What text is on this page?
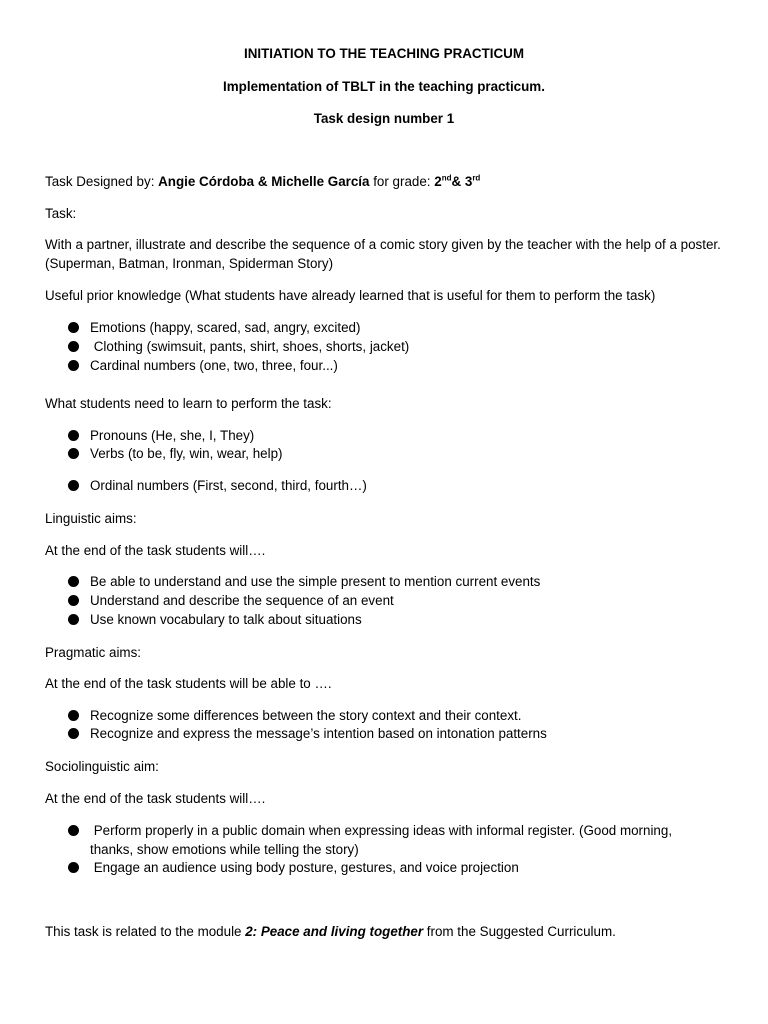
INITIATION TO THE TEACHING PRACTICUM
Implementation of TBLT in the teaching practicum.
Task design number 1
Task Designed by: Angie Córdoba & Michelle García for grade: 2nd& 3rd
Task:
With a partner, illustrate and describe the sequence of a comic story given by the teacher with the help of a poster. (Superman, Batman, Ironman, Spiderman Story)
Useful prior knowledge (What students have already learned that is useful for them to perform the task)
Emotions (happy, scared, sad, angry, excited)
Clothing (swimsuit, pants, shirt, shoes, shorts, jacket)
Cardinal numbers (one, two, three, four...)
What students need to learn to perform the task:
Pronouns (He, she, I, They)
Verbs (to be, fly, win, wear, help)
Ordinal numbers (First, second, third, fourth…)
Linguistic aims:
At the end of the task students will….
Be able to understand and use the simple present to mention current events
Understand and describe the sequence of an event
Use known vocabulary to talk about situations
Pragmatic aims:
At the end of the task students will be able to ….
Recognize some differences between the story context and their context.
Recognize and express the message’s intention based on intonation patterns
Sociolinguistic aim:
At the end of the task students will….
Perform properly in a public domain when expressing ideas with informal register. (Good morning, thanks, show emotions while telling the story)
Engage an audience using body posture, gestures, and voice projection
This task is related to the module 2: Peace and living together from the Suggested Curriculum.
